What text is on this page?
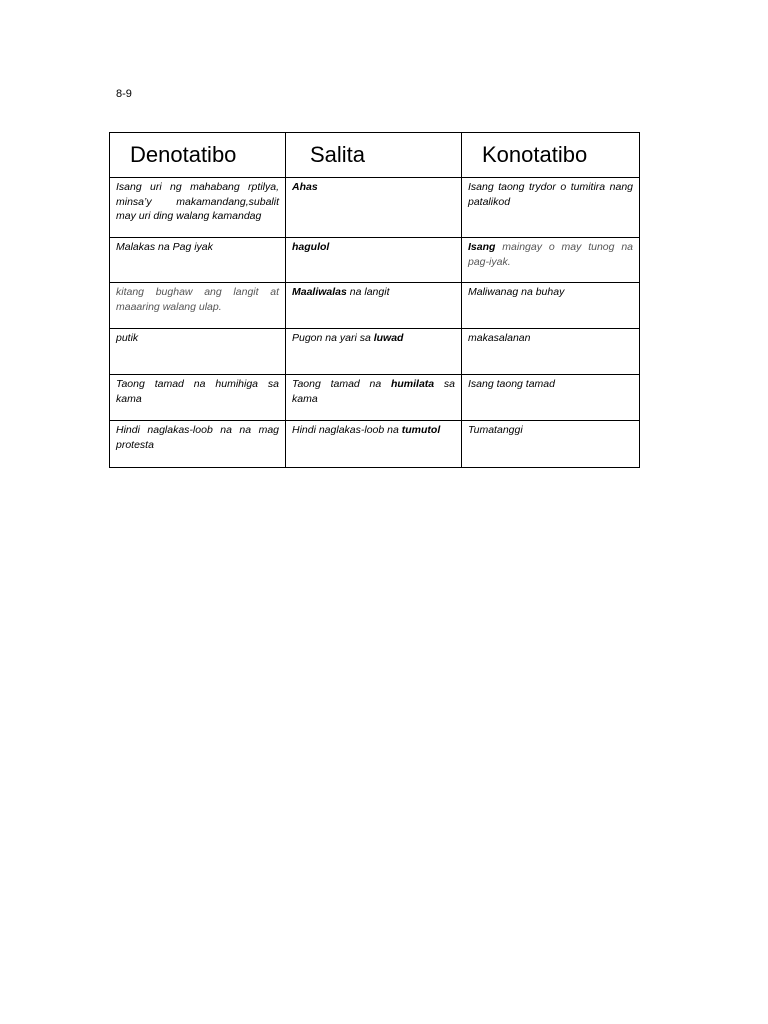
8-9
Denotatibo	Salita	Konotatibo
Isang uri ng mahabang rptilya, minsa’y makamandang,subalit may uri ding walang kamandag	Ahas	Isang taong trydor o tumitira nang patalikod
Malakas na Pag iyak	hagulol	Isang maingay o may tunog na pag-iyak.
kitang bughaw ang langit at maaaring walang ulap.	Maaliwalas na langit	Maliwanag na buhay
putik	Pugon na yari sa luwad	makasalanan
Taong tamad na humihiga sa kama	Taong tamad na humilata sa kama	Isang taong tamad
Hindi naglakas-loob na na mag protesta	Hindi naglakas-loob na tumutol	Tumatanggi
